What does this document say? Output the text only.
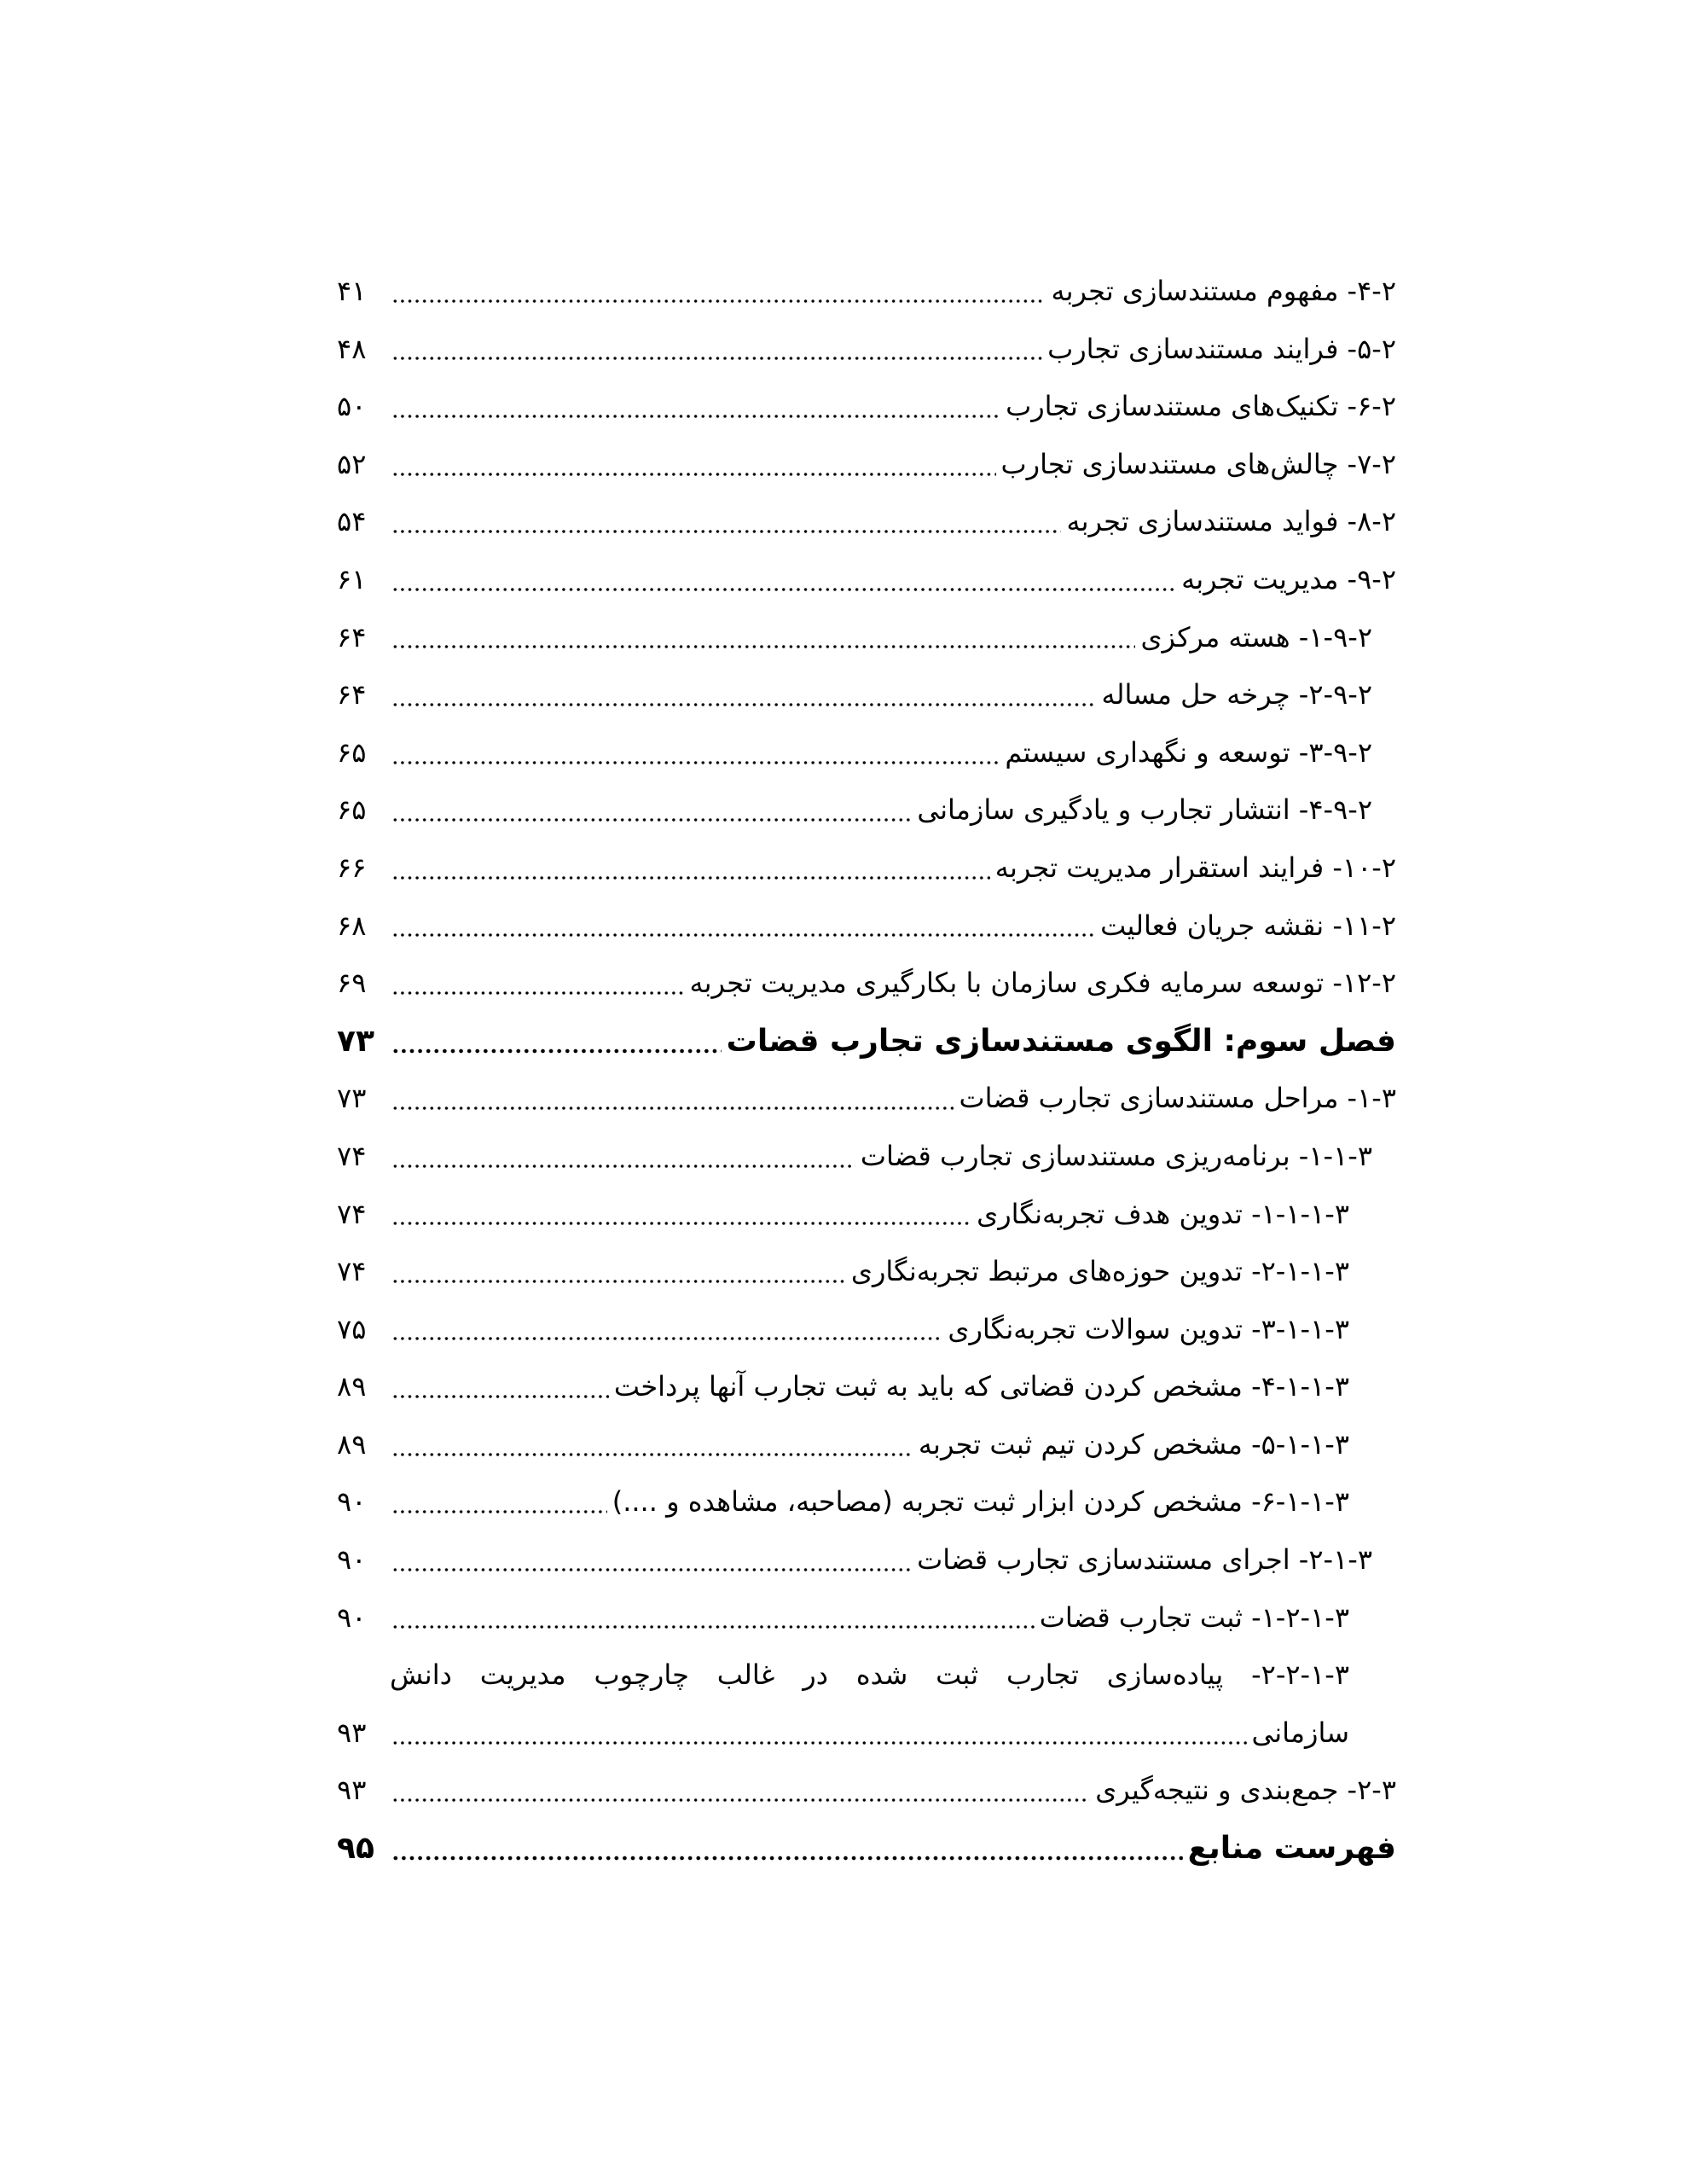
۴-۲- مفهوم مستندسازی تجربه
۴۱
۵-۲- فرایند مستندسازی تجارب
۴۸
۶-۲- تکنیک‌های مستندسازی تجارب
۵۰
۷-۲- چالش‌های مستندسازی تجارب
۵۲
۸-۲- فواید مستندسازی تجربه
۵۴
۹-۲- مدیریت تجربه
۶۱
۱-۹-۲- هسته مرکزی
۶۴
۲-۹-۲- چرخه حل مساله
۶۴
۳-۹-۲- توسعه و نگهداری سیستم
۶۵
۴-۹-۲- انتشار تجارب و یادگیری سازمانی
۶۵
۱۰-۲- فرایند استقرار مدیریت تجربه
۶۶
۱۱-۲- نقشه جریان فعالیت
۶۸
۱۲-۲- توسعه سرمایه فکری سازمان با بکارگیری مدیریت تجربه
۶۹
فصل سوم: الگوی مستندسازی تجارب قضات
۷۳
۱-۳- مراحل مستندسازی تجارب قضات
۷۳
۱-۱-۳- برنامه‌ریزی مستندسازی تجارب قضات
۷۴
۱-۱-۱-۳- تدوین هدف تجربه‌نگاری
۷۴
۲-۱-۱-۳- تدوین حوزه‌های مرتبط تجربه‌نگاری
۷۴
۳-۱-۱-۳- تدوین سوالات تجربه‌نگاری
۷۵
۴-۱-۱-۳- مشخص کردن قضاتی که باید به ثبت تجارب آنها پرداخت
۸۹
۵-۱-۱-۳- مشخص کردن تیم ثبت تجربه
۸۹
۶-۱-۱-۳- مشخص کردن ابزار ثبت تجربه (مصاحبه، مشاهده و ....)
۹۰
۲-۱-۳- اجرای مستندسازی تجارب قضات
۹۰
۱-۲-۱-۳- ثبت تجارب قضات
۹۰
۲-۲-۱-۳- پیاده‌سازی تجارب ثبت شده در غالب چارچوب مدیریت دانش
سازمانی
۹۳
۲-۳- جمع‌بندی و نتیجه‌گیری
۹۳
فهرست منابع
۹۵
